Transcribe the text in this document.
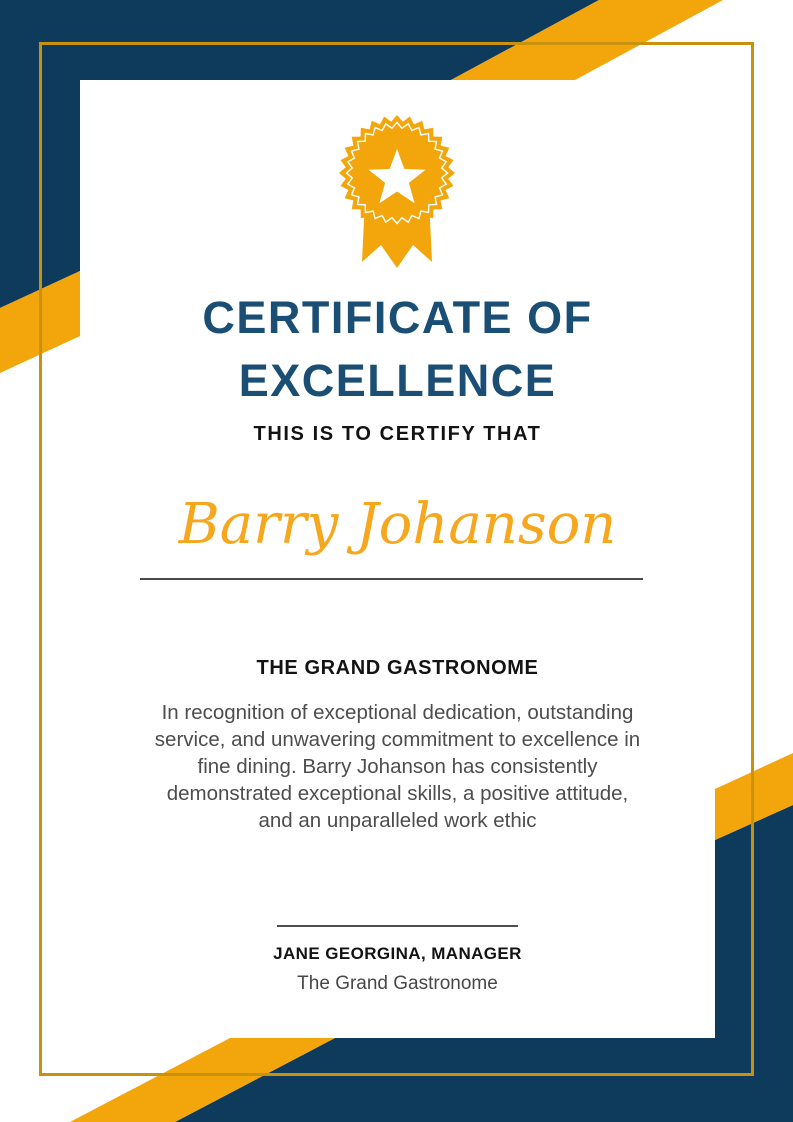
CERTIFICATE OF
EXCELLENCE
THIS IS TO CERTIFY THAT
Barry Johanson
THE GRAND GASTRONOME
In recognition of exceptional dedication, outstanding
service, and unwavering commitment to excellence in
fine dining. Barry Johanson has consistently
demonstrated exceptional skills, a positive attitude,
and an unparalleled work ethic
JANE GEORGINA, MANAGER
The Grand Gastronome
